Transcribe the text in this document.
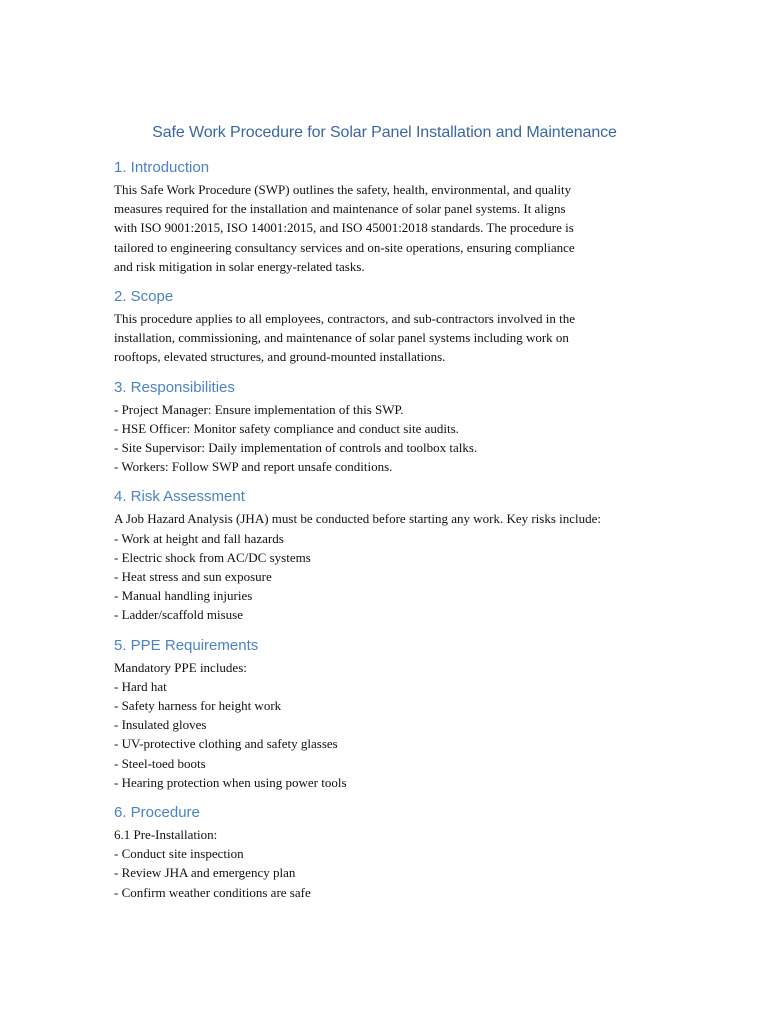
Safe Work Procedure for Solar Panel Installation and Maintenance
1. Introduction
This Safe Work Procedure (SWP) outlines the safety, health, environmental, and quality
measures required for the installation and maintenance of solar panel systems. It aligns
with ISO 9001:2015, ISO 14001:2015, and ISO 45001:2018 standards. The procedure is
tailored to engineering consultancy services and on-site operations, ensuring compliance
and risk mitigation in solar energy-related tasks.
2. Scope
This procedure applies to all employees, contractors, and sub-contractors involved in the
installation, commissioning, and maintenance of solar panel systems including work on
rooftops, elevated structures, and ground-mounted installations.
3. Responsibilities
- Project Manager: Ensure implementation of this SWP.
- HSE Officer: Monitor safety compliance and conduct site audits.
- Site Supervisor: Daily implementation of controls and toolbox talks.
- Workers: Follow SWP and report unsafe conditions.
4. Risk Assessment
A Job Hazard Analysis (JHA) must be conducted before starting any work. Key risks include:
- Work at height and fall hazards
- Electric shock from AC/DC systems
- Heat stress and sun exposure
- Manual handling injuries
- Ladder/scaffold misuse
5. PPE Requirements
Mandatory PPE includes:
- Hard hat
- Safety harness for height work
- Insulated gloves
- UV-protective clothing and safety glasses
- Steel-toed boots
- Hearing protection when using power tools
6. Procedure
6.1 Pre-Installation:
- Conduct site inspection
- Review JHA and emergency plan
- Confirm weather conditions are safe
